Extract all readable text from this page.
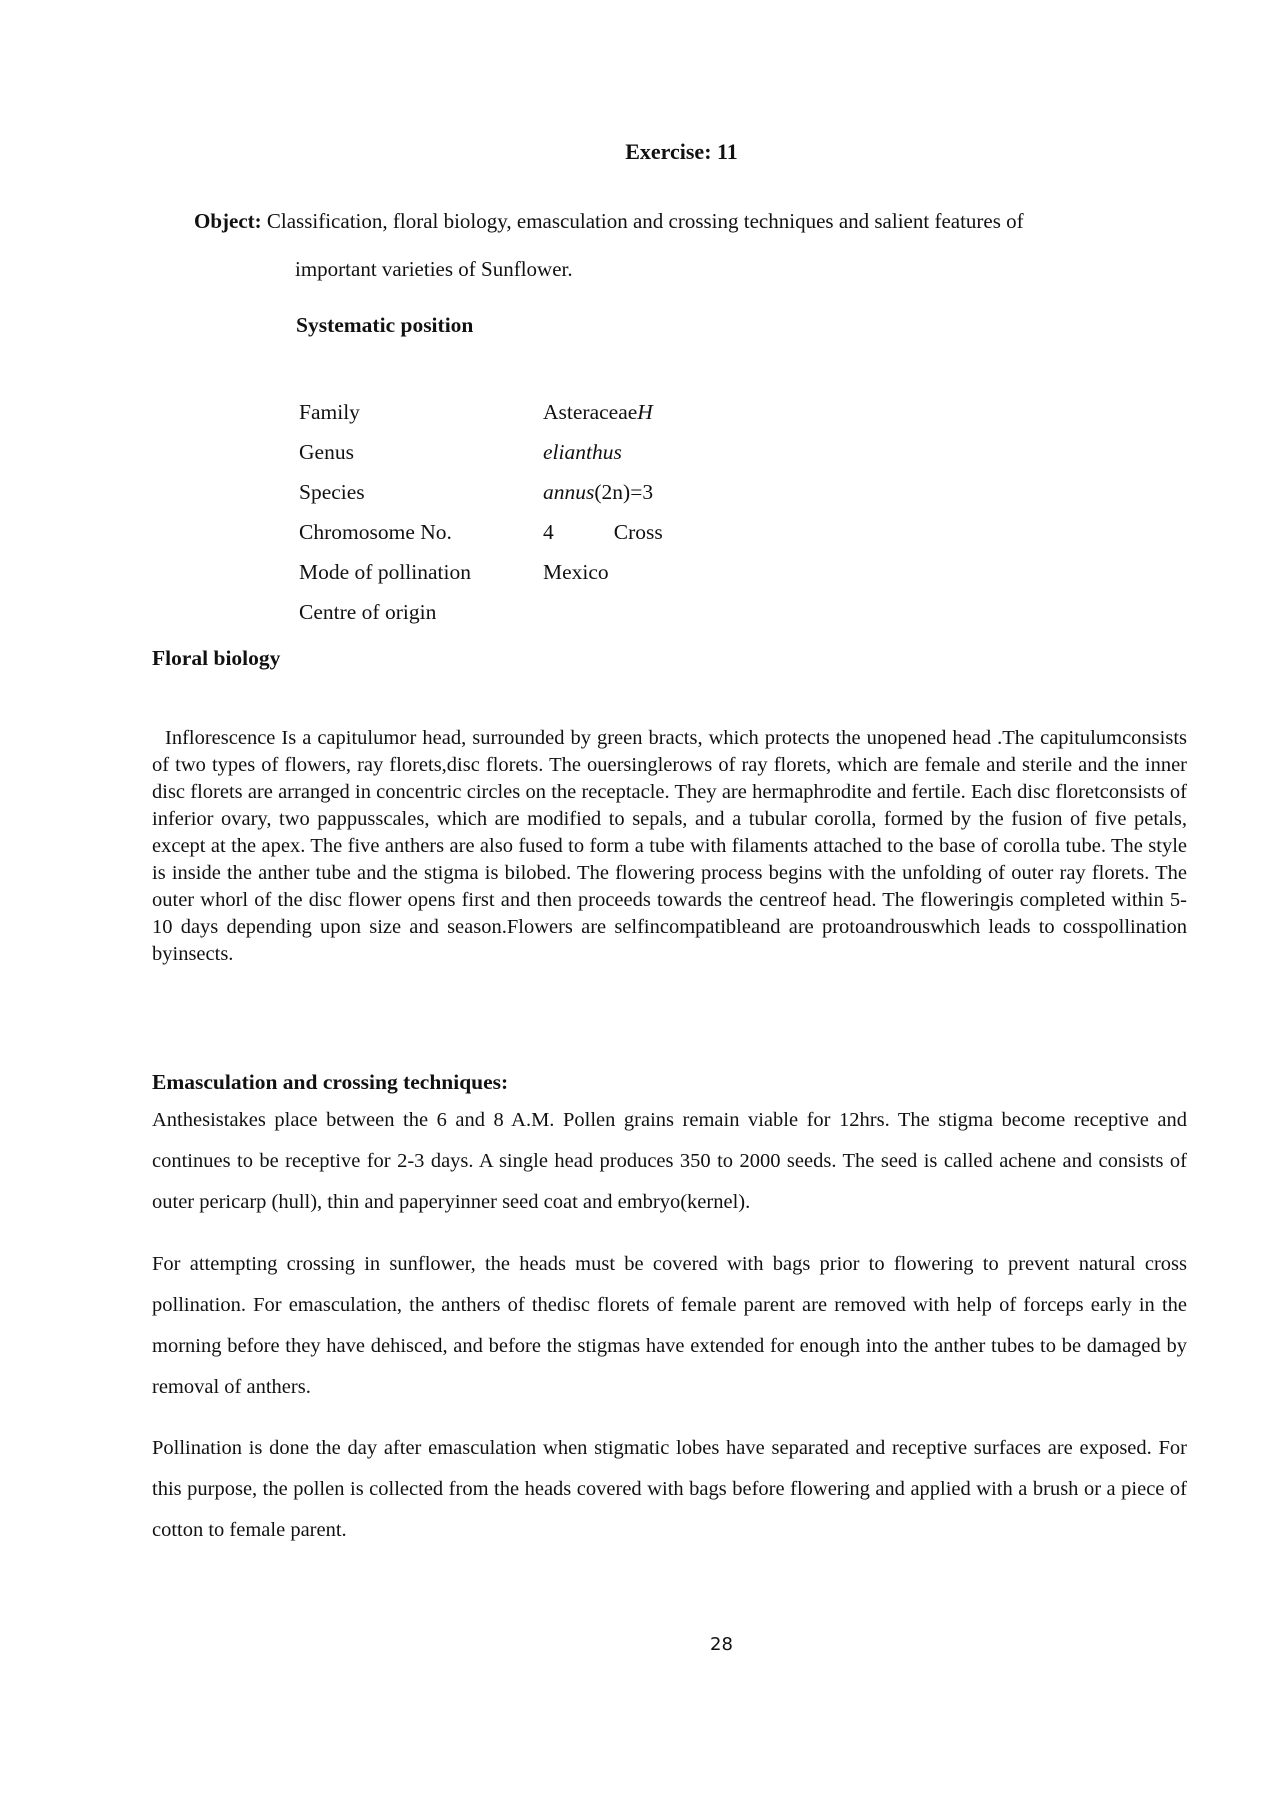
Exercise: 11
Object: Classification, floral biology, emasculation and crossing techniques and salient features of
important varieties of Sunflower.
Systematic position
Family
Genus
Species
Chromosome No.
Mode of pollination
Centre of origin
AsteraceaeH
elianthus
annus(2n)=3
4	Cross
Mexico
Floral biology
Inflorescence Is a capitulumor head, surrounded by green bracts, which protects the unopened head .The capitulumconsists of two types of flowers, ray florets,disc florets. The ouersinglerows of ray florets, which are female and sterile and the inner disc florets are arranged in concentric circles on the receptacle. They are hermaphrodite and fertile. Each disc floretconsists of inferior ovary, two pappusscales, which are modified to sepals, and a tubular corolla, formed by the fusion of five petals, except at the apex. The five anthers are also fused to form a tube with filaments attached to the base of corolla tube. The style is inside the anther tube and the stigma is bilobed. The flowering process begins with the unfolding of outer ray florets. The outer whorl of the disc flower opens first and then proceeds towards the centreof head. The floweringis completed within 5-10 days depending upon size and season.Flowers are selfincompatibleand are protoandrouswhich leads to cosspollination byinsects.
Emasculation and crossing techniques:
Anthesistakes place between the 6 and 8 A.M. Pollen grains remain viable for 12hrs. The stigma become receptive and continues to be receptive for 2-3 days. A single head produces 350 to 2000 seeds. The seed is called achene and consists of outer pericarp (hull), thin and paperyinner seed coat and embryo(kernel).
For attempting crossing in sunflower, the heads must be covered with bags prior to flowering to prevent natural cross pollination. For emasculation, the anthers of thedisc florets of female parent are removed with help of forceps early in the morning before they have dehisced, and before the stigmas have extended for enough into the anther tubes to be damaged by removal of anthers.
Pollination is done the day after emasculation when stigmatic lobes have separated and receptive surfaces are exposed. For this purpose, the pollen is collected from the heads covered with bags before flowering and applied with a brush or a piece of cotton to female parent.
28
